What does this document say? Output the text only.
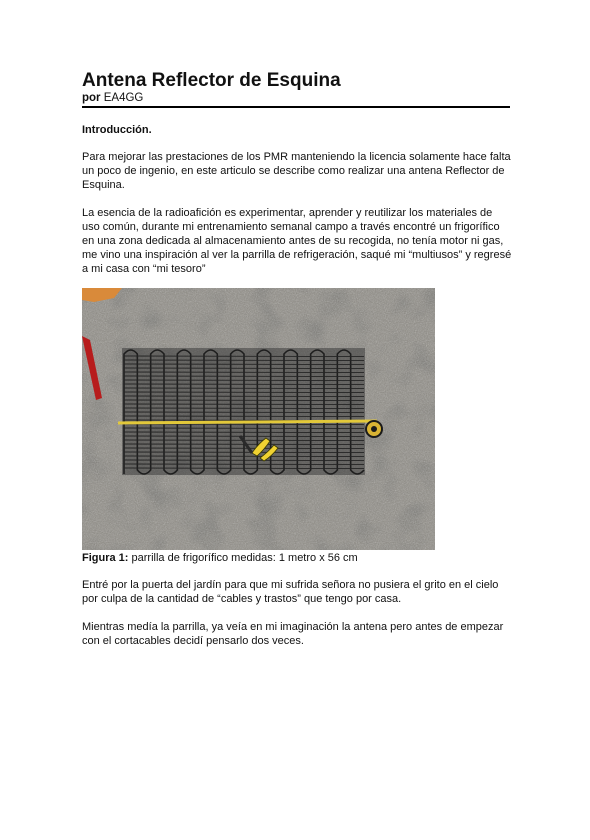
Antena Reflector de Esquina
por EA4GG
Introducción.
Para mejorar las prestaciones de los PMR manteniendo la licencia solamente hace falta un poco de ingenio, en este articulo se describe como realizar una antena Reflector de Esquina.
La esencia de la radioafición es experimentar, aprender y reutilizar los materiales de uso común, durante mi entrenamiento semanal campo a través encontré un frigorífico en una zona dedicada al almacenamiento antes de su recogida, no tenía motor ni gas, me vino una inspiración al ver la parrilla de refrigeración, saqué mi “multiusos” y regresé a mi casa con “mi tesoro”
Figura 1: parrilla de frigorífico medidas: 1 metro x 56 cm
Entré por la puerta del jardín para que mi sufrida señora no pusiera el grito en el cielo por culpa de la cantidad de “cables y trastos” que tengo por casa.
Mientras medía la parrilla, ya veía en mi imaginación la antena pero antes de empezar con el cortacables decidí pensarlo dos veces.
